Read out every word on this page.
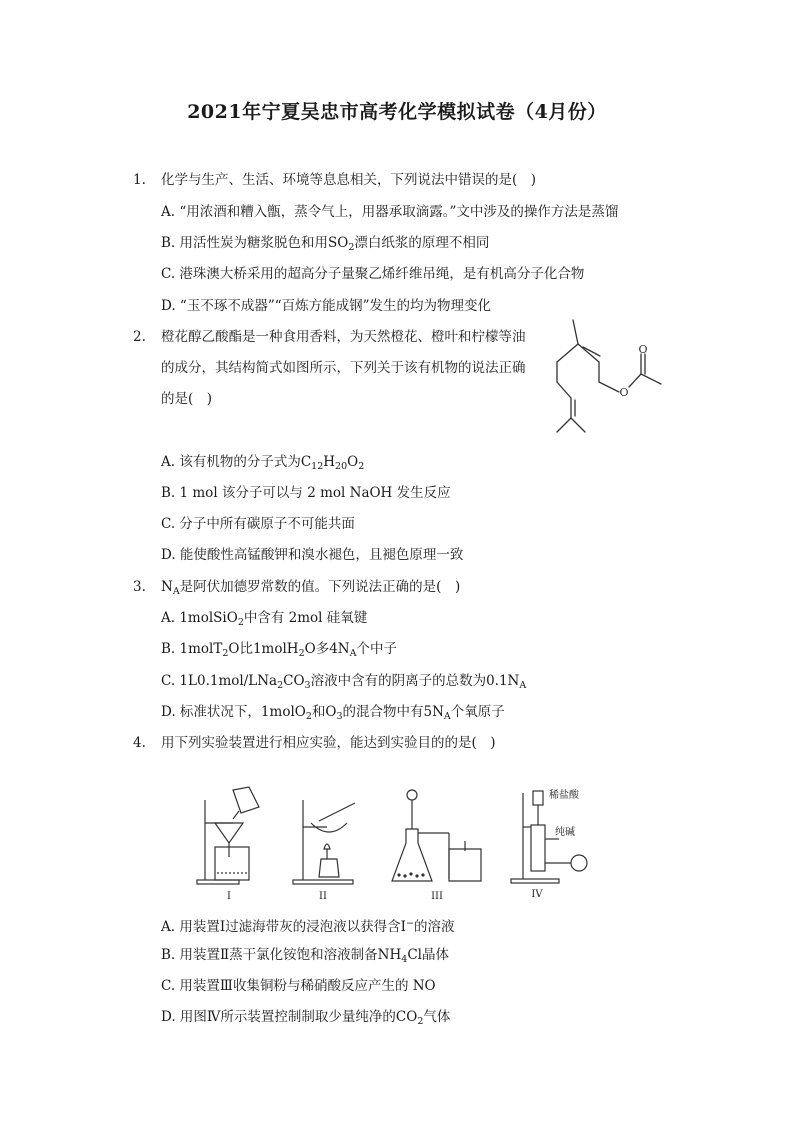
2021年宁夏吴忠市高考化学模拟试卷（4月份）
1. 化学与生产、生活、环境等息息相关，下列说法中错误的是(　)
A. “用浓酒和糟入甑，蒸令气上，用器承取滴露。”文中涉及的操作方法是蒸馏
B. 用活性炭为糖浆脱色和用$SO_2$漂白纸浆的原理不相同
C. 港珠澳大桥采用的超高分子量聚乙烯纤维吊绳，是有机高分子化合物
D. “玉不琢不成器”“百炼方能成钢”发生的均为物理变化
2. 橙花醇乙酸酯是一种食用香料，为天然橙花、橙叶和柠檬等油
的成分，其结构简式如图所示，下列关于该有机物的说法正确
的是(　)	O
O
A. 该有机物的分子式为$C_{12}H_{20}O_2$
B. 1 mol 该分子可以与 2 mol NaOH 发生反应
C. 分子中所有碳原子不可能共面
D. 能使酸性高锰酸钾和溴水褪色，且褪色原理一致
3. $N_A$是阿伏加德罗常数的值。下列说法正确的是(　)
A. 1molSiO$_2$中含有 2mol 硅氧键
B. 1molT$_2$O比1molH$_2$O多$4N_A$个中子
C. $1L0.1mol/LNa_2CO_3$溶液中含有的阴离子的总数为$0.1N_A$
D. 标准状况下，1molO$_2$和$O_3$的混合物中有$5N_A$个氧原子
4. 用下列实验装置进行相应实验，能达到实验目的的是(　)
稀盐酸
纯碱
I	II	III	IV
A. 用装置Ⅰ过滤海带灰的浸泡液以获得含I−的溶液
B. 用装置Ⅱ蒸干氯化铵饱和溶液制备$NH_4Cl$晶体
C. 用装置Ⅲ收集铜粉与稀硝酸反应产生的 NO
D. 用图Ⅳ所示装置控制制取少量纯净的$CO_2$气体
